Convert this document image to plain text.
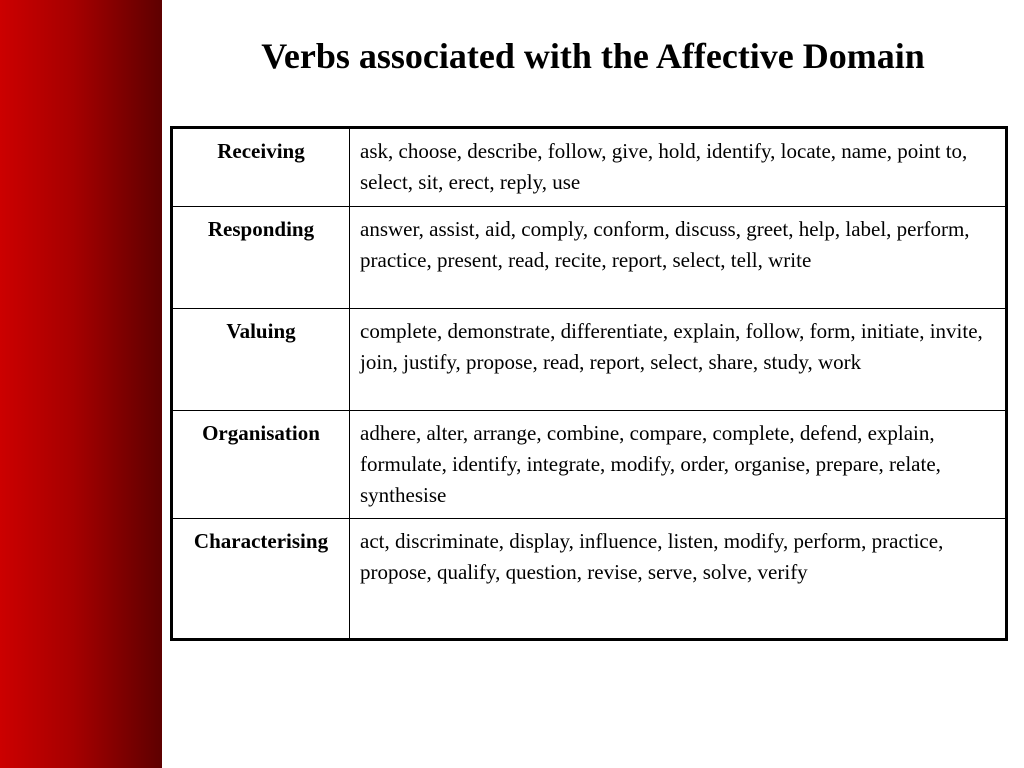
Verbs associated with the Affective Domain
Receiving	ask, choose, describe, follow, give, hold, identify, locate, name, point to, select, sit, erect, reply, use
Responding	answer, assist, aid, comply, conform, discuss, greet, help, label, perform, practice, present, read, recite, report, select, tell, write
Valuing	complete, demonstrate, differentiate, explain, follow, form, initiate, invite, join, justify, propose, read, report, select, share, study, work
Organisation	adhere, alter, arrange, combine, compare, complete, defend, explain, formulate, identify, integrate, modify, order, organise, prepare, relate, synthesise
Characterising	act, discriminate, display, influence, listen, modify, perform, practice, propose, qualify, question, revise, serve, solve, verify
